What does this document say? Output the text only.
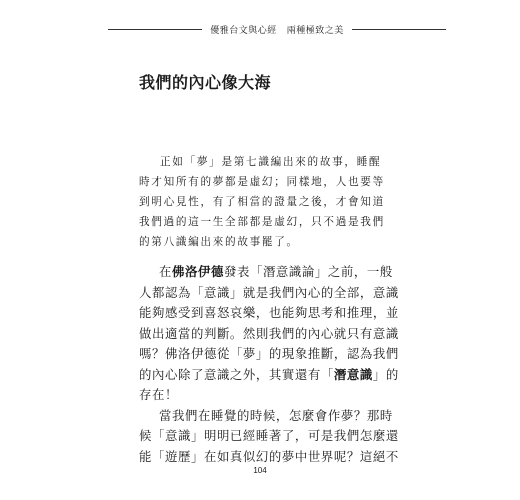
優雅台文與心經 兩種極致之美
我們的內心像大海
正如「夢」是第七識編出來的故事，睡醒
時才知所有的夢都是虛幻；同樣地，人也要等
到明心見性，有了相當的證量之後，才會知道
我們過的這一生全部都是虛幻，只不過是我們
的第八識編出來的故事罷了。
在佛洛伊德發表「潛意識論」之前，一般
人都認為「意識」就是我們內心的全部，意識
能夠感受到喜怒哀樂，也能夠思考和推理，並
做出適當的判斷。然則我們的內心就只有意識
嗎？佛洛伊德從「夢」的現象推斷，認為我們
的內心除了意識之外，其實還有「潛意識」的
存在！
當我們在睡覺的時候，怎麼會作夢？那時
候「意識」明明已經睡著了，可是我們怎麼還
能「遊歷」在如真似幻的夢中世界呢？這絕不
104
